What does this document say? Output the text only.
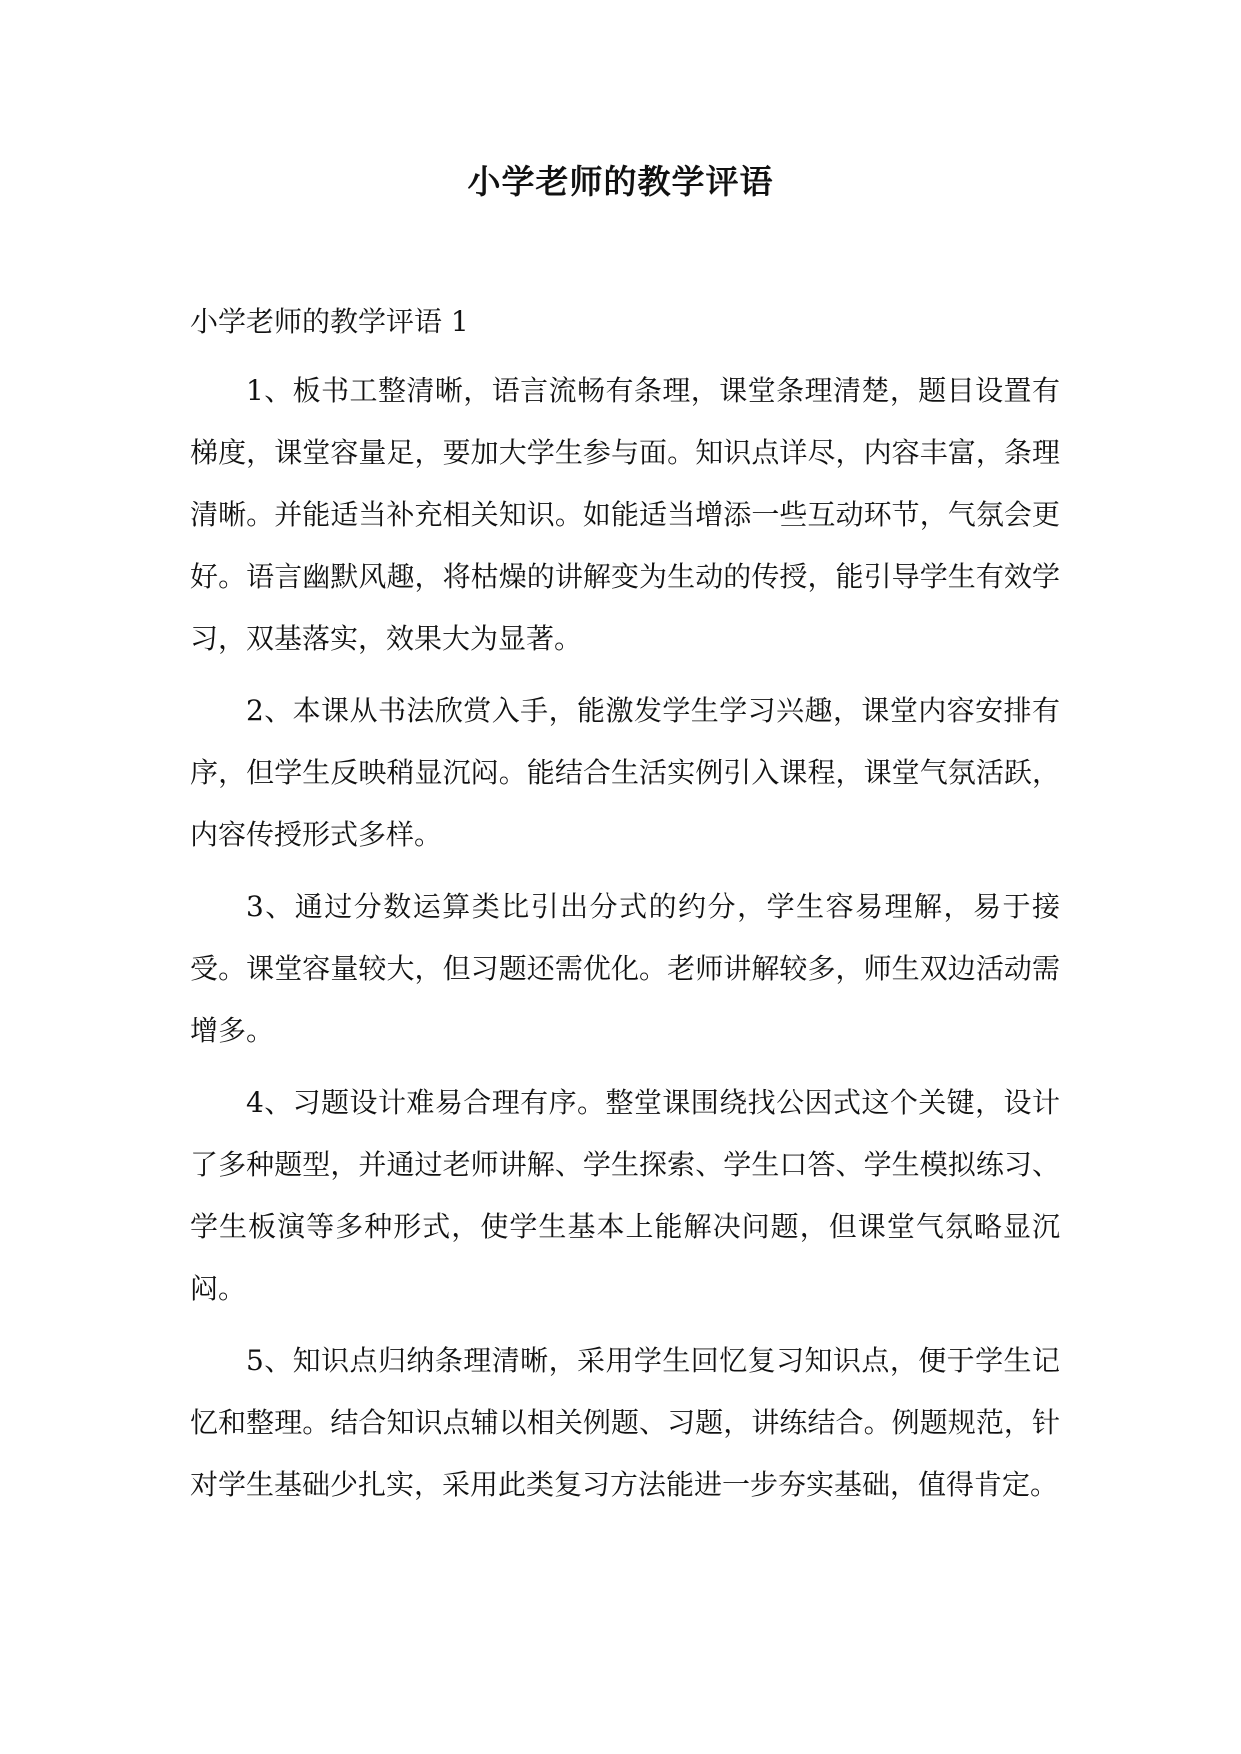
小学老师的教学评语

小学老师的教学评语 1

1、板书工整清晰，语言流畅有条理，课堂条理清楚，题目设置有梯度，课堂容量足，要加大学生参与面。知识点详尽，内容丰富，条理清晰。并能适当补充相关知识。如能适当增添一些互动环节，气氛会更好。语言幽默风趣，将枯燥的讲解变为生动的传授，能引导学生有效学习，双基落实，效果大为显著。

2、本课从书法欣赏入手，能激发学生学习兴趣，课堂内容安排有序，但学生反映稍显沉闷。能结合生活实例引入课程，课堂气氛活跃，内容传授形式多样。

3、通过分数运算类比引出分式的约分，学生容易理解，易于接受。课堂容量较大，但习题还需优化。老师讲解较多，师生双边活动需增多。

4、习题设计难易合理有序。整堂课围绕找公因式这个关键，设计了多种题型，并通过老师讲解、学生探索、学生口答、学生模拟练习、学生板演等多种形式，使学生基本上能解决问题，但课堂气氛略显沉闷。

5、知识点归纳条理清晰，采用学生回忆复习知识点，便于学生记忆和整理。结合知识点辅以相关例题、习题，讲练结合。例题规范，针对学生基础少扎实，采用此类复习方法能进一步夯实基础，值得肯定。
